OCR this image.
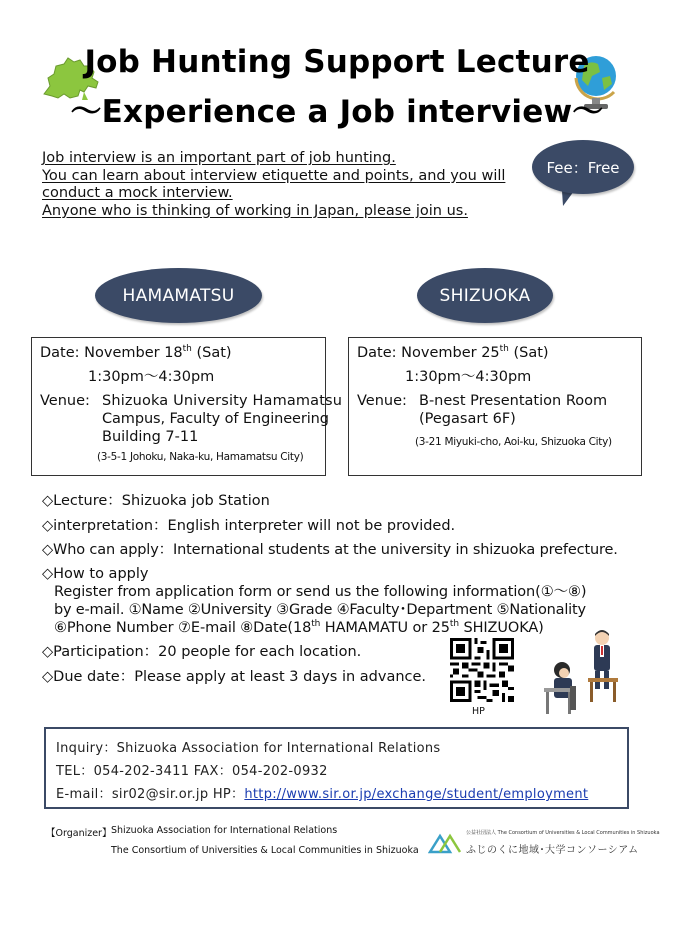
Job Hunting Support Lecture
〜Experience a Job interview〜
Job interview is an important part of job hunting.
You can learn about interview etiquette and points, and you will
conduct a mock interview.
Anyone who is thinking of working in Japan, please join us.
Fee：Free
HAMAMATSU	SHIZUOKA
Date: November 18th (Sat)
1:30pm〜4:30pm
Venue: Shizuoka University Hamamatsu
Campus, Faculty of Engineering
Building 7-11
(3-5-1 Johoku, Naka-ku, Hamamatsu City)
Date: November 25th (Sat)
1:30pm〜4:30pm
Venue: B-nest Presentation Room
(Pegasart 6F)
(3-21 Miyuki-cho, Aoi-ku, Shizuoka City)
◇Lecture：Shizuoka job Station
◇interpretation：English interpreter will not be provided.
◇Who can apply：International students at the university in shizuoka prefecture.
◇How to apply
Register from application form or send us the following information(①〜⑧)
by e-mail. ①Name ②University ③Grade ④Faculty･Department ⑤Nationality
⑥Phone Number ⑦E-mail ⑧Date(18th HAMAMATU or 25th SHIZUOKA)
◇Participation：20 people for each location.
◇Due date：Please apply at least 3 days in advance.
HP
Inquiry：Shizuoka Association for International Relations
TEL：054-202-3411 FAX：054-202-0932
E-mail：sir02@sir.or.jp HP：http://www.sir.or.jp/exchange/student/employment
【Organizer】 Shizuoka Association for International Relations
The Consortium of Universities & Local Communities in Shizuoka
公益社団法人 The Consortium of Universities & Local Communities in Shizuoka
ふじのくに地域･大学コンソーシアム
